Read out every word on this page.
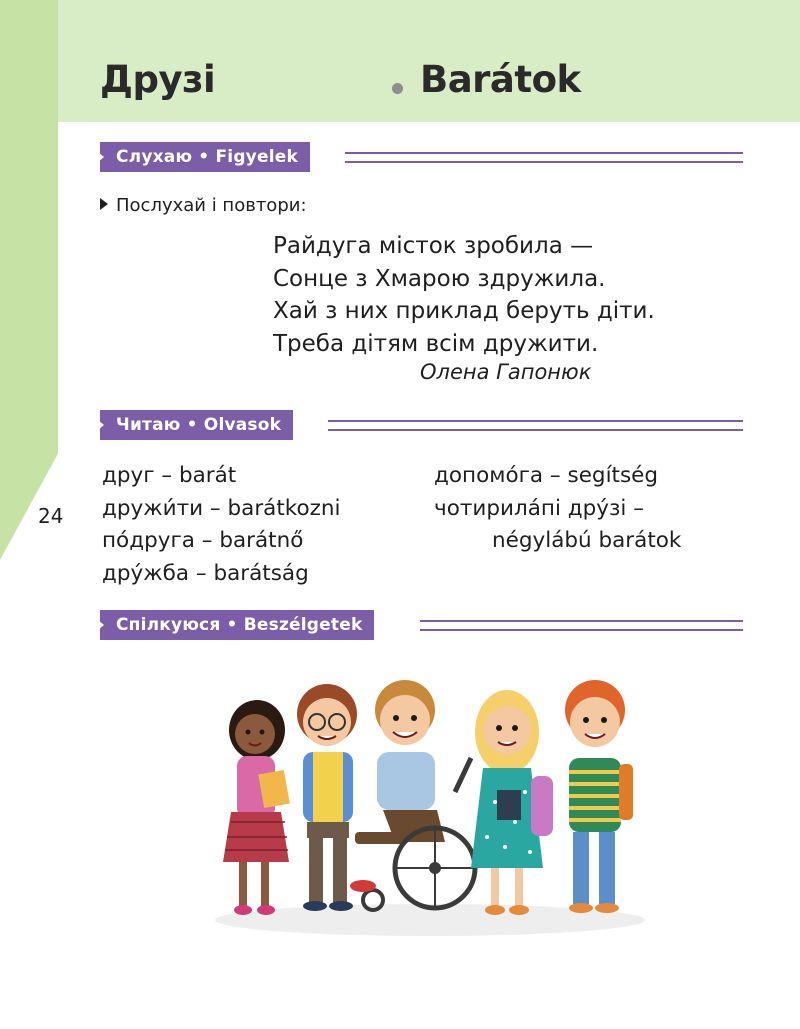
Друзі	Barátok
24
Слухаю • Figyelek
Послухай і повтори:
Райдуга місток зробила —
Сонце з Хмарою здружила.
Хай з них приклад беруть діти.
Треба дітям всім дружити.
Олена Гапонюк
Читаю • Olvasok
друг – barát
дружи́ти – barátkozni
по́друга – barátnő
дру́жба – barátság
допомо́га – segítség
чотирила́пі дру́зі –
négylábú barátok
Спілкуюся • Beszélgetek
